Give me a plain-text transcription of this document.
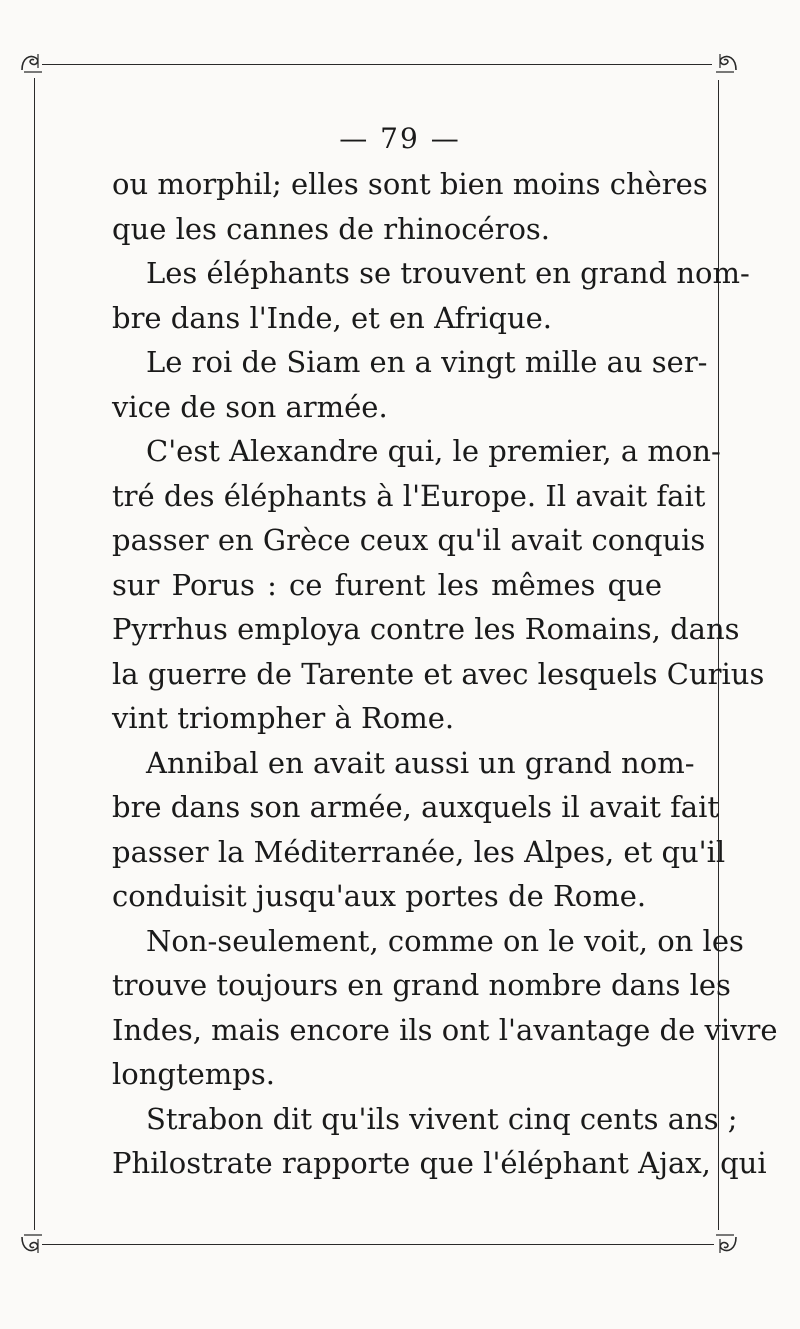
— 79 —
ou morphil; elles sont bien moins chères
que les cannes de rhinocéros.
Les éléphants se trouvent en grand nom-
bre dans l'Inde, et en Afrique.
Le roi de Siam en a vingt mille au ser-
vice de son armée.
C'est Alexandre qui, le premier, a mon-
tré des éléphants à l'Europe. Il avait fait
passer en Grèce ceux qu'il avait conquis
sur Porus : ce furent les mêmes que
Pyrrhus employa contre les Romains, dans
la guerre de Tarente et avec lesquels Curius
vint triompher à Rome.
Annibal en avait aussi un grand nom-
bre dans son armée, auxquels il avait fait
passer la Méditerranée, les Alpes, et qu'il
conduisit jusqu'aux portes de Rome.
Non-seulement, comme on le voit, on les
trouve toujours en grand nombre dans les
Indes, mais encore ils ont l'avantage de vivre
longtemps.
Strabon dit qu'ils vivent cinq cents ans ;
Philostrate rapporte que l'éléphant Ajax, qui
